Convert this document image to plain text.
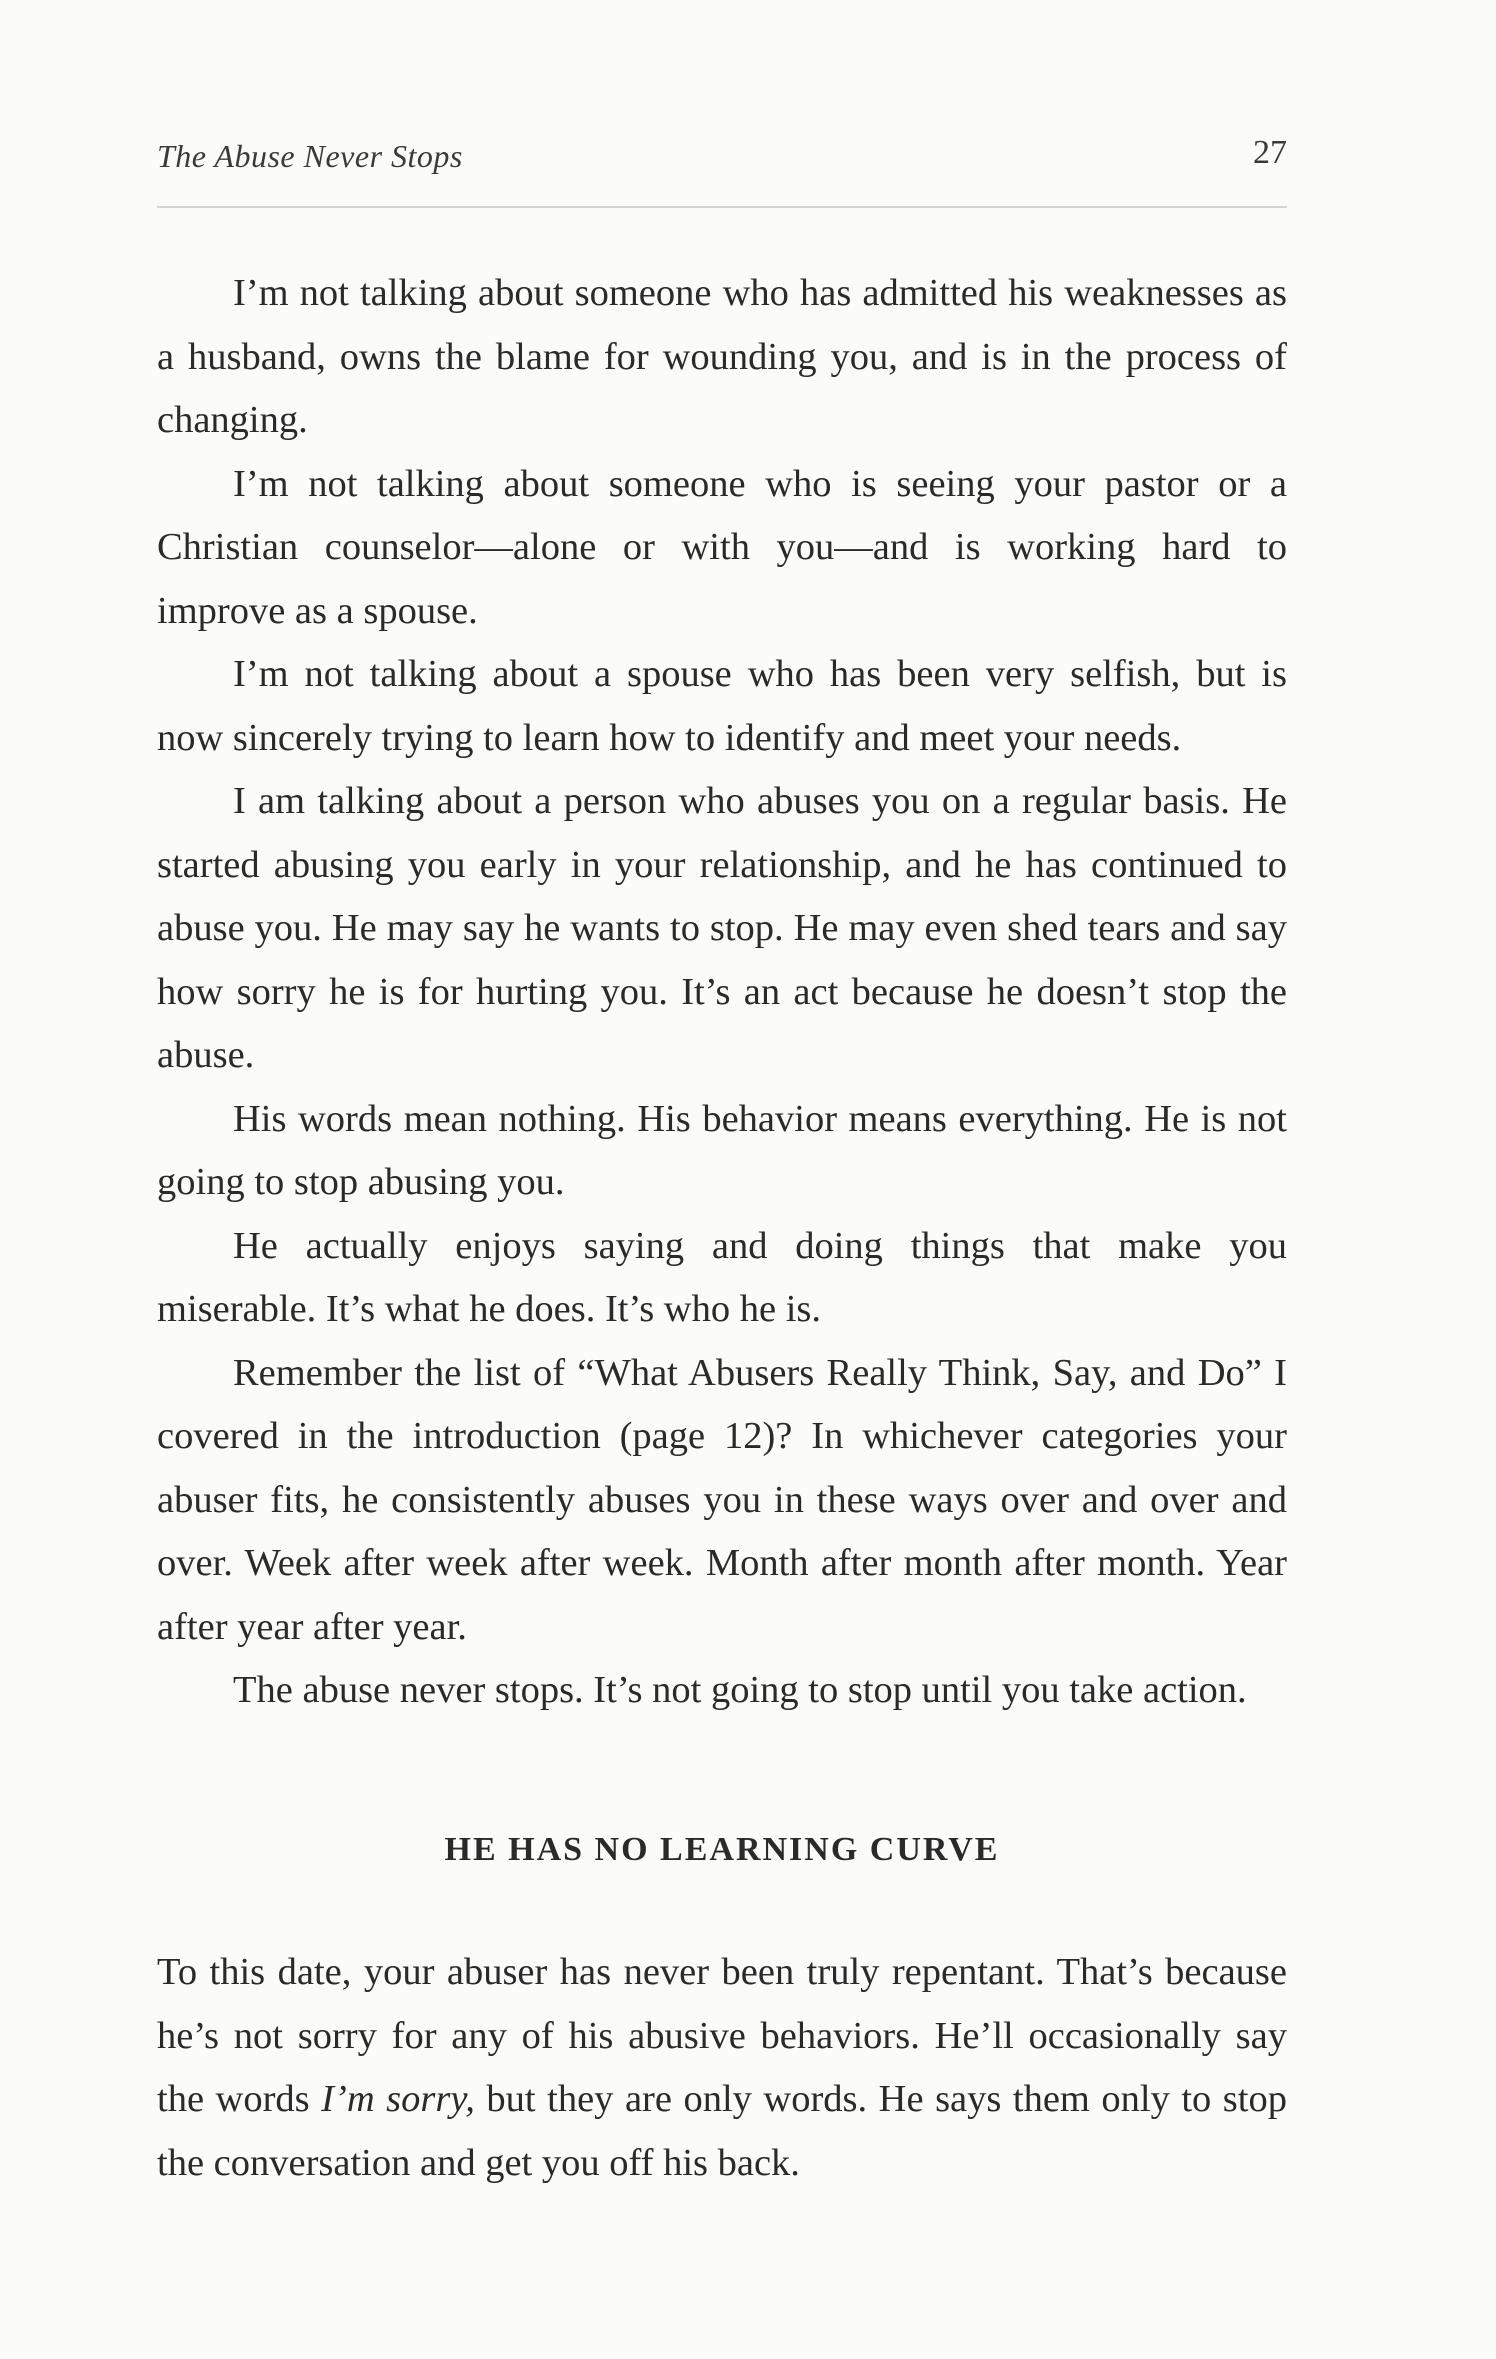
The Abuse Never Stops	27

I’m not talking about someone who has admitted his weaknesses as a husband, owns the blame for wounding you, and is in the process of changing.

I’m not talking about someone who is seeing your pastor or a Christian counselor—alone or with you—and is working hard to improve as a spouse.

I’m not talking about a spouse who has been very selfish, but is now sincerely trying to learn how to identify and meet your needs.

I am talking about a person who abuses you on a regular basis. He started abusing you early in your relationship, and he has continued to abuse you. He may say he wants to stop. He may even shed tears and say how sorry he is for hurting you. It’s an act because he doesn’t stop the abuse.

His words mean nothing. His behavior means everything. He is not going to stop abusing you.

He actually enjoys saying and doing things that make you miserable. It’s what he does. It’s who he is.

Remember the list of “What Abusers Really Think, Say, and Do” I covered in the introduction (page 12)? In whichever categories your abuser fits, he consistently abuses you in these ways over and over and over. Week after week after week. Month after month after month. Year after year after year.

The abuse never stops. It’s not going to stop until you take action.

HE HAS NO LEARNING CURVE

To this date, your abuser has never been truly repentant. That’s because he’s not sorry for any of his abusive behaviors. He’ll occasionally say the words I’m sorry, but they are only words. He says them only to stop the conversation and get you off his back.
